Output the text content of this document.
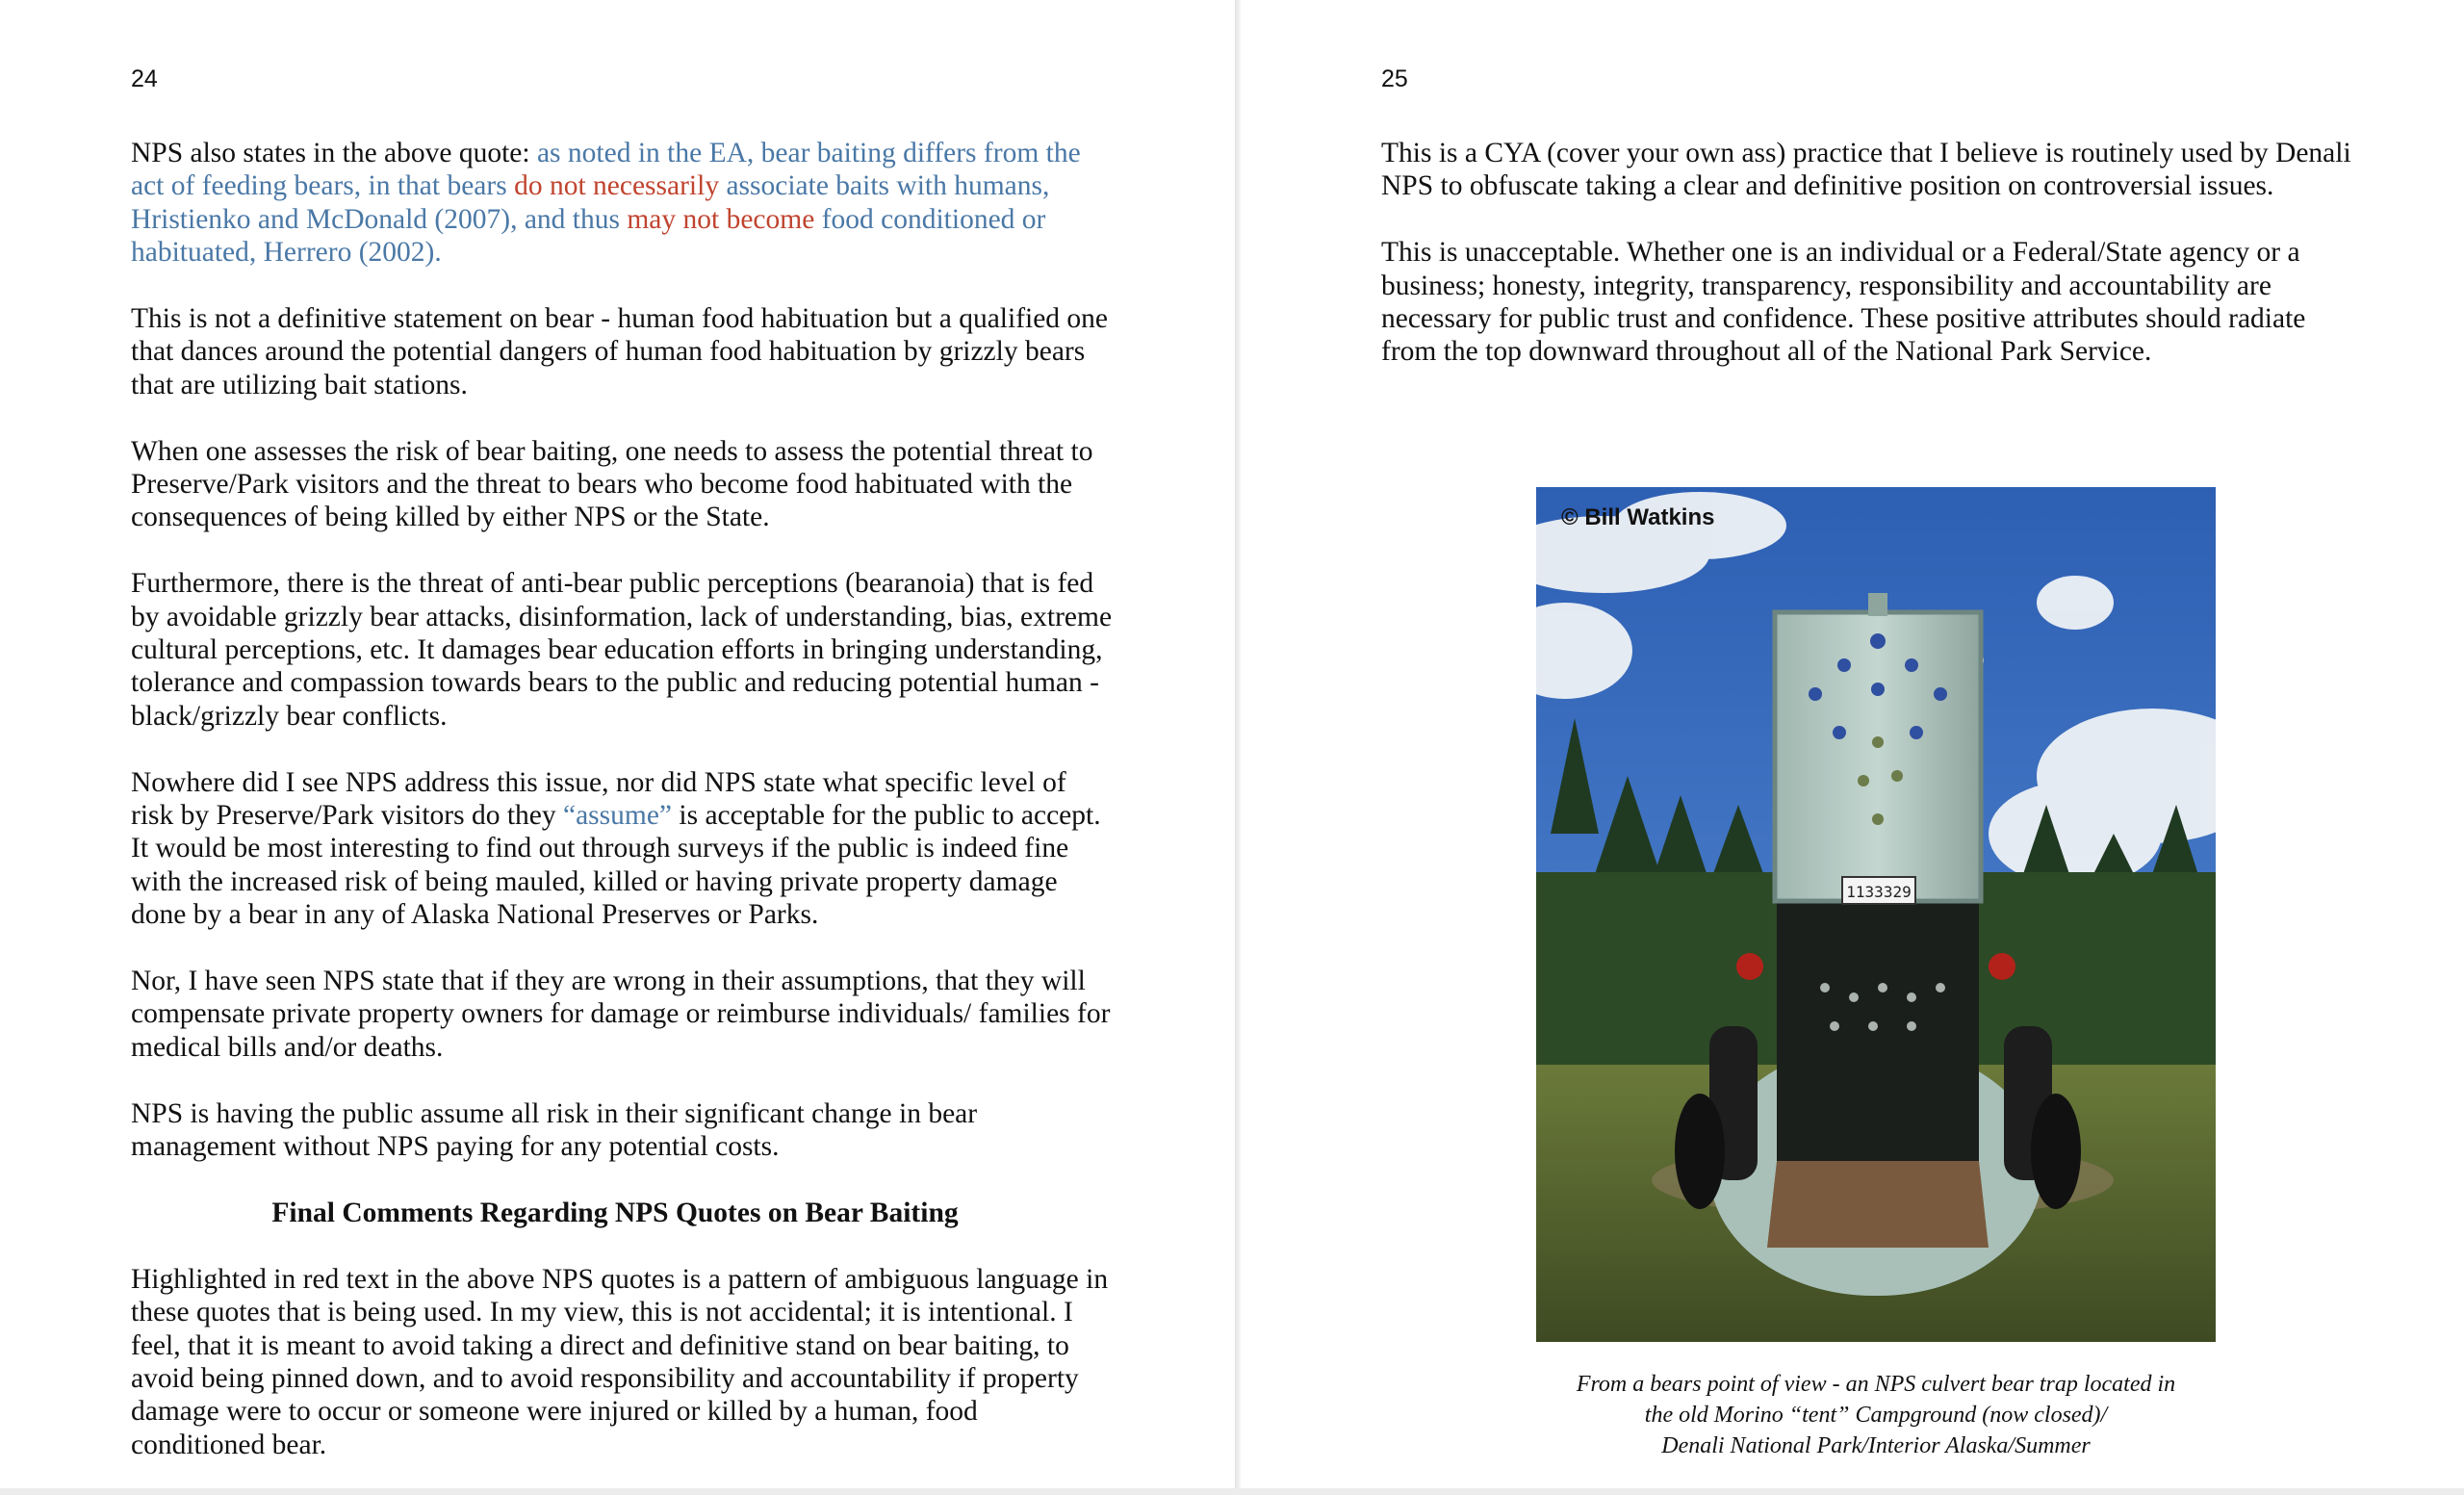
24

NPS also states in the above quote: as noted in the EA, bear baiting differs from the act of feeding bears, in that bears do not necessarily associate baits with humans, Hristienko and McDonald (2007), and thus may not become food conditioned or habituated, Herrero (2002).

This is not a definitive statement on bear - human food habituation but a qualified one that dances around the potential dangers of human food habituation by grizzly bears that are utilizing bait stations.

When one assesses the risk of bear baiting, one needs to assess the potential threat to Preserve/Park visitors and the threat to bears who become food habituated with the consequences of being killed by either NPS or the State.

Furthermore, there is the threat of anti-bear public perceptions (bearanoia) that is fed by avoidable grizzly bear attacks, disinformation, lack of understanding, bias, extreme cultural perceptions, etc. It damages bear education efforts in bringing understanding, tolerance and compassion towards bears to the public and reducing potential human - black/grizzly bear conflicts.

Nowhere did I see NPS address this issue, nor did NPS state what specific level of risk by Preserve/Park visitors do they “assume” is acceptable for the public to accept. It would be most interesting to find out through surveys if the public is indeed fine with the increased risk of being mauled, killed or having private property damage done by a bear in any of Alaska National Preserves or Parks.

Nor, I have seen NPS state that if they are wrong in their assumptions, that they will compensate private property owners for damage or reimburse individuals/ families for medical bills and/or deaths.

NPS is having the public assume all risk in their significant change in bear management without NPS paying for any potential costs.

Final Comments Regarding NPS Quotes on Bear Baiting

Highlighted in red text in the above NPS quotes is a pattern of ambiguous language in these quotes that is being used. In my view, this is not accidental; it is intentional. I feel, that it is meant to avoid taking a direct and definitive stand on bear baiting, to avoid being pinned down, and to avoid responsibility and accountability if property damage were to occur or someone were injured or killed by a human, food conditioned bear.

25

This is a CYA (cover your own ass) practice that I believe is routinely used by Denali NPS to obfuscate taking a clear and definitive position on controversial issues.

This is unacceptable. Whether one is an individual or a Federal/State agency or a business; honesty, integrity, transparency, responsibility and accountability are necessary for public trust and confidence. These positive attributes should radiate from the top downward throughout all of the National Park Service.

1133329
© Bill Watkins
From a bears point of view - an NPS culvert bear trap located in
the old Morino “tent” Campground (now closed)/
Denali National Park/Interior Alaska/Summer
